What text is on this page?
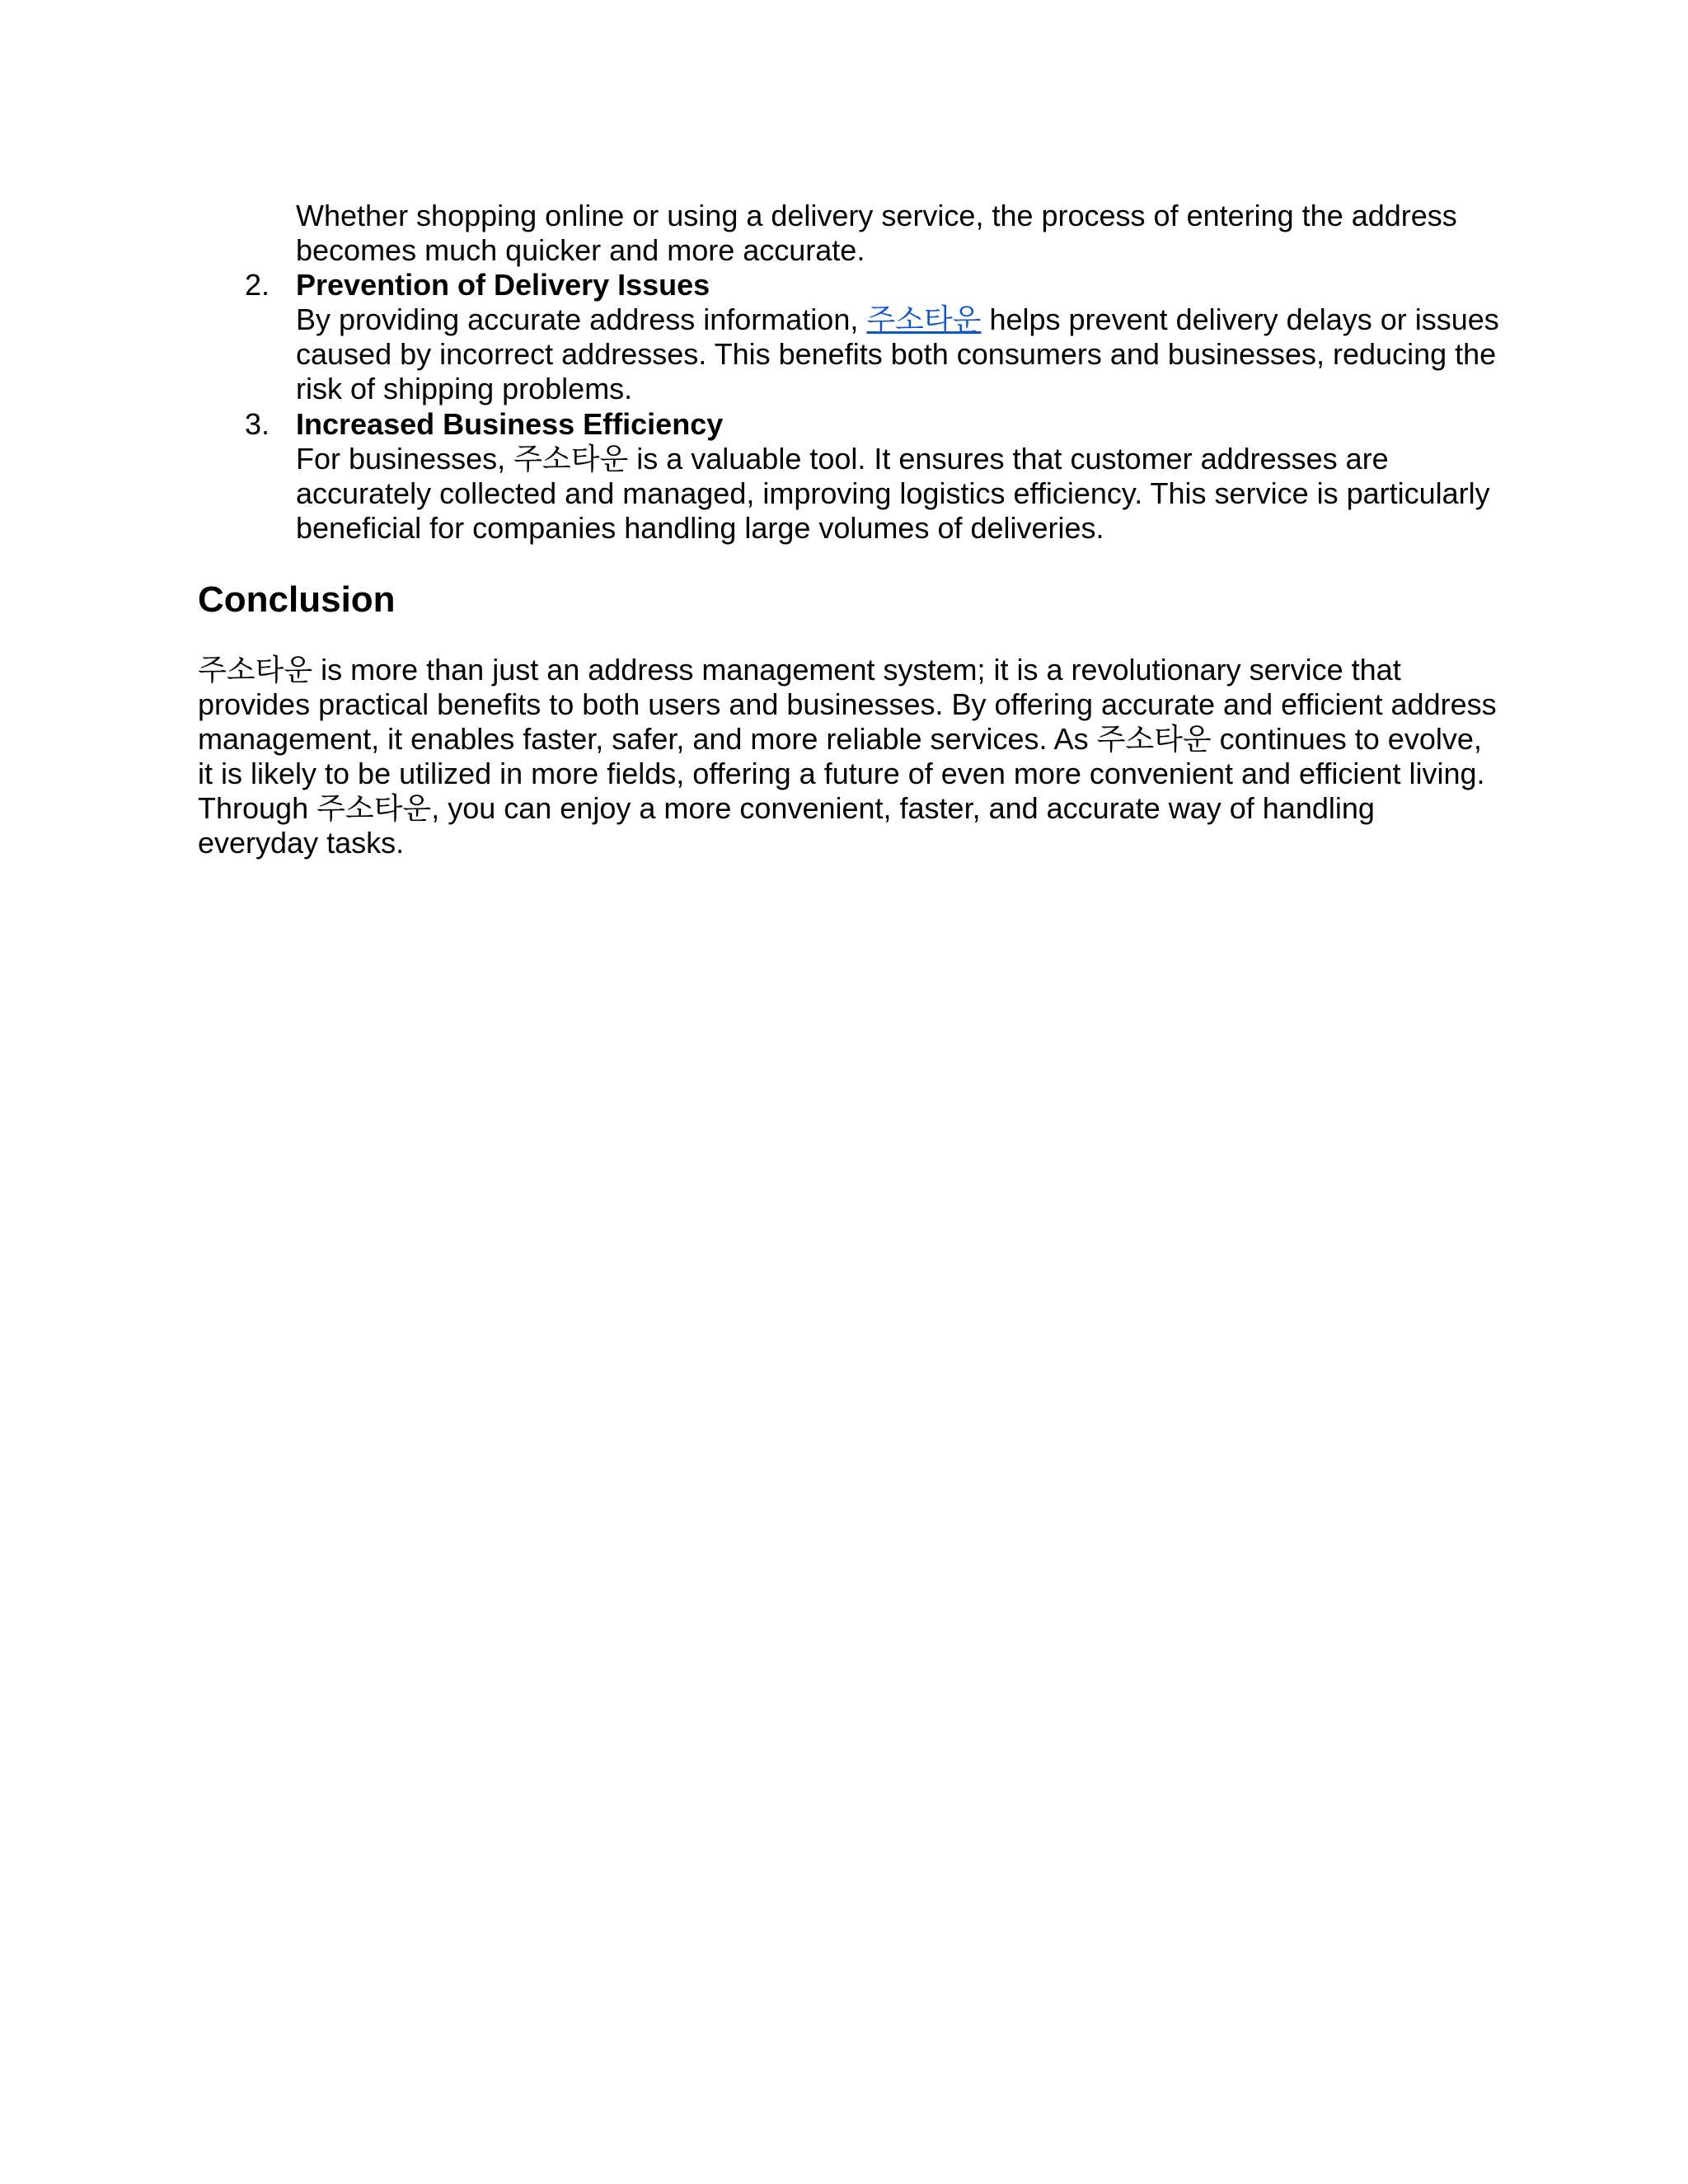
Whether shopping online or using a delivery service, the process of entering the address becomes much quicker and more accurate.

2. Prevention of Delivery Issues
By providing accurate address information, 주소타운 helps prevent delivery delays or issues caused by incorrect addresses. This benefits both consumers and businesses, reducing the risk of shipping problems.
3. Increased Business Efficiency
For businesses, 주소타운 is a valuable tool. It ensures that customer addresses are accurately collected and managed, improving logistics efficiency. This service is particularly beneficial for companies handling large volumes of deliveries.
Conclusion

주소타운 is more than just an address management system; it is a revolutionary service that provides practical benefits to both users and businesses. By offering accurate and efficient address management, it enables faster, safer, and more reliable services. As 주소타운 continues to evolve, it is likely to be utilized in more fields, offering a future of even more convenient and efficient living. Through 주소타운, you can enjoy a more convenient, faster, and accurate way of handling everyday tasks.
